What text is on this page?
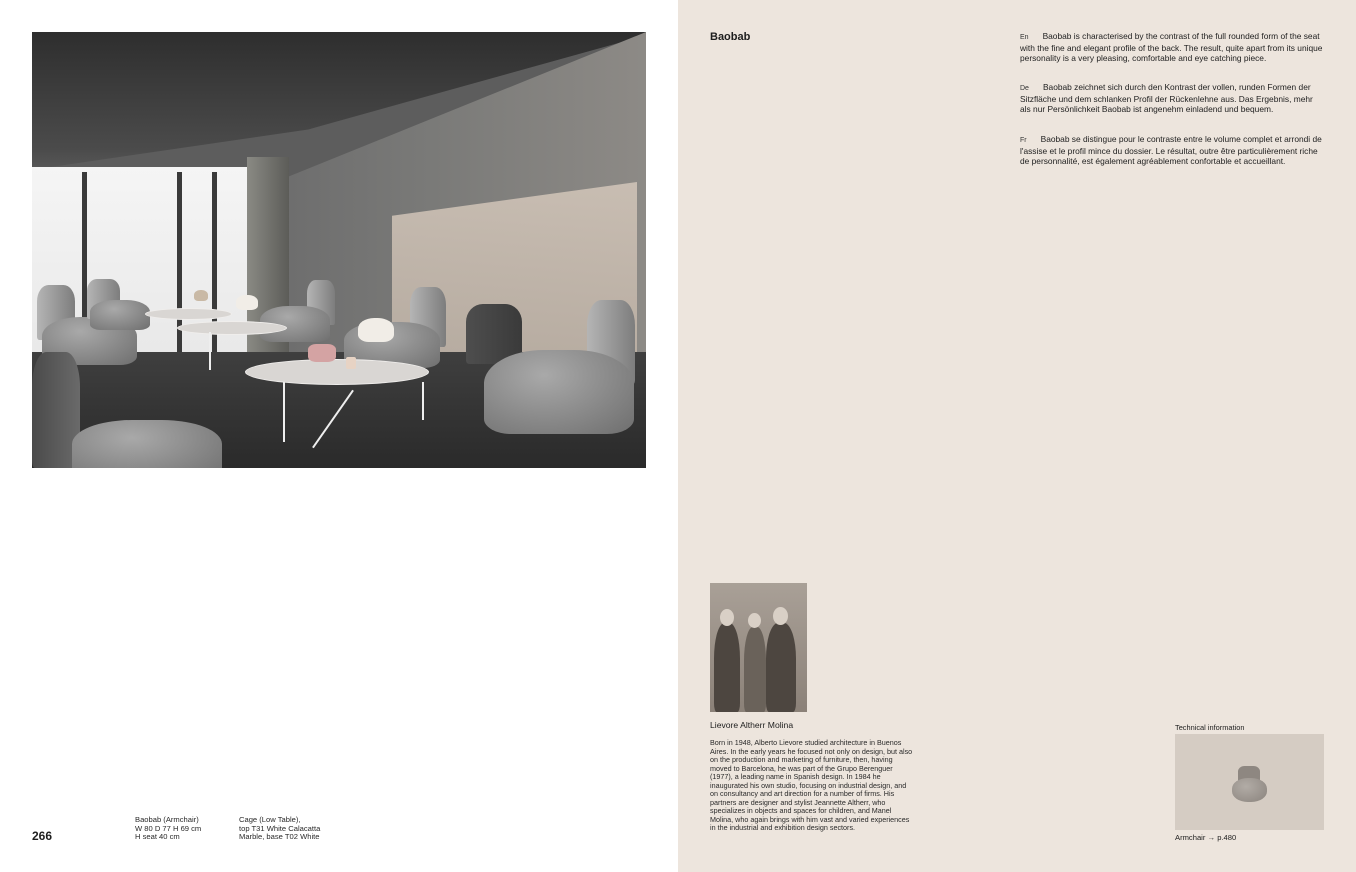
266
Baobab (Armchair)
W 80 D 77 H 69 cm
H seat 40 cm
Cage (Low Table),
top T31 White Calacatta
Marble, base T02 White
Baobab	En Baobab is characterised by the contrast of the full rounded form of the seat with the fine and elegant profile of the back. The result, quite apart from its unique personality is a very pleasing, comfortable and eye catching piece.
De Baobab zeichnet sich durch den Kontrast der vollen, runden Formen der Sitzfläche und dem schlanken Profil der Rückenlehne aus. Das Ergebnis, mehr als nur Persönlichkeit Baobab ist angenehm einladend und bequem.
Fr Baobab se distingue pour le contraste entre le volume complet et arrondi de l'assise et le profil mince du dossier. Le résultat, outre être particulièrement riche de personnalité, est également agréablement confortable et accueillant.
Lievore Altherr Molina
Born in 1948, Alberto Lievore studied architecture in Buenos Aires. In the early years he focused not only on design, but also on the production and marketing of furniture, then, having moved to Barcelona, he was part of the Grupo Berenguer (1977), a leading name in Spanish design. In 1984 he inaugurated his own studio, focusing on industrial design, and on consultancy and art direction for a number of firms. His partners are designer and stylist Jeannette Altherr, who specializes in objects and spaces for children, and Manel Molina, who again brings with him vast and varied experiences in the industrial and exhibition design sectors.
Technical information
Armchair → p.480
